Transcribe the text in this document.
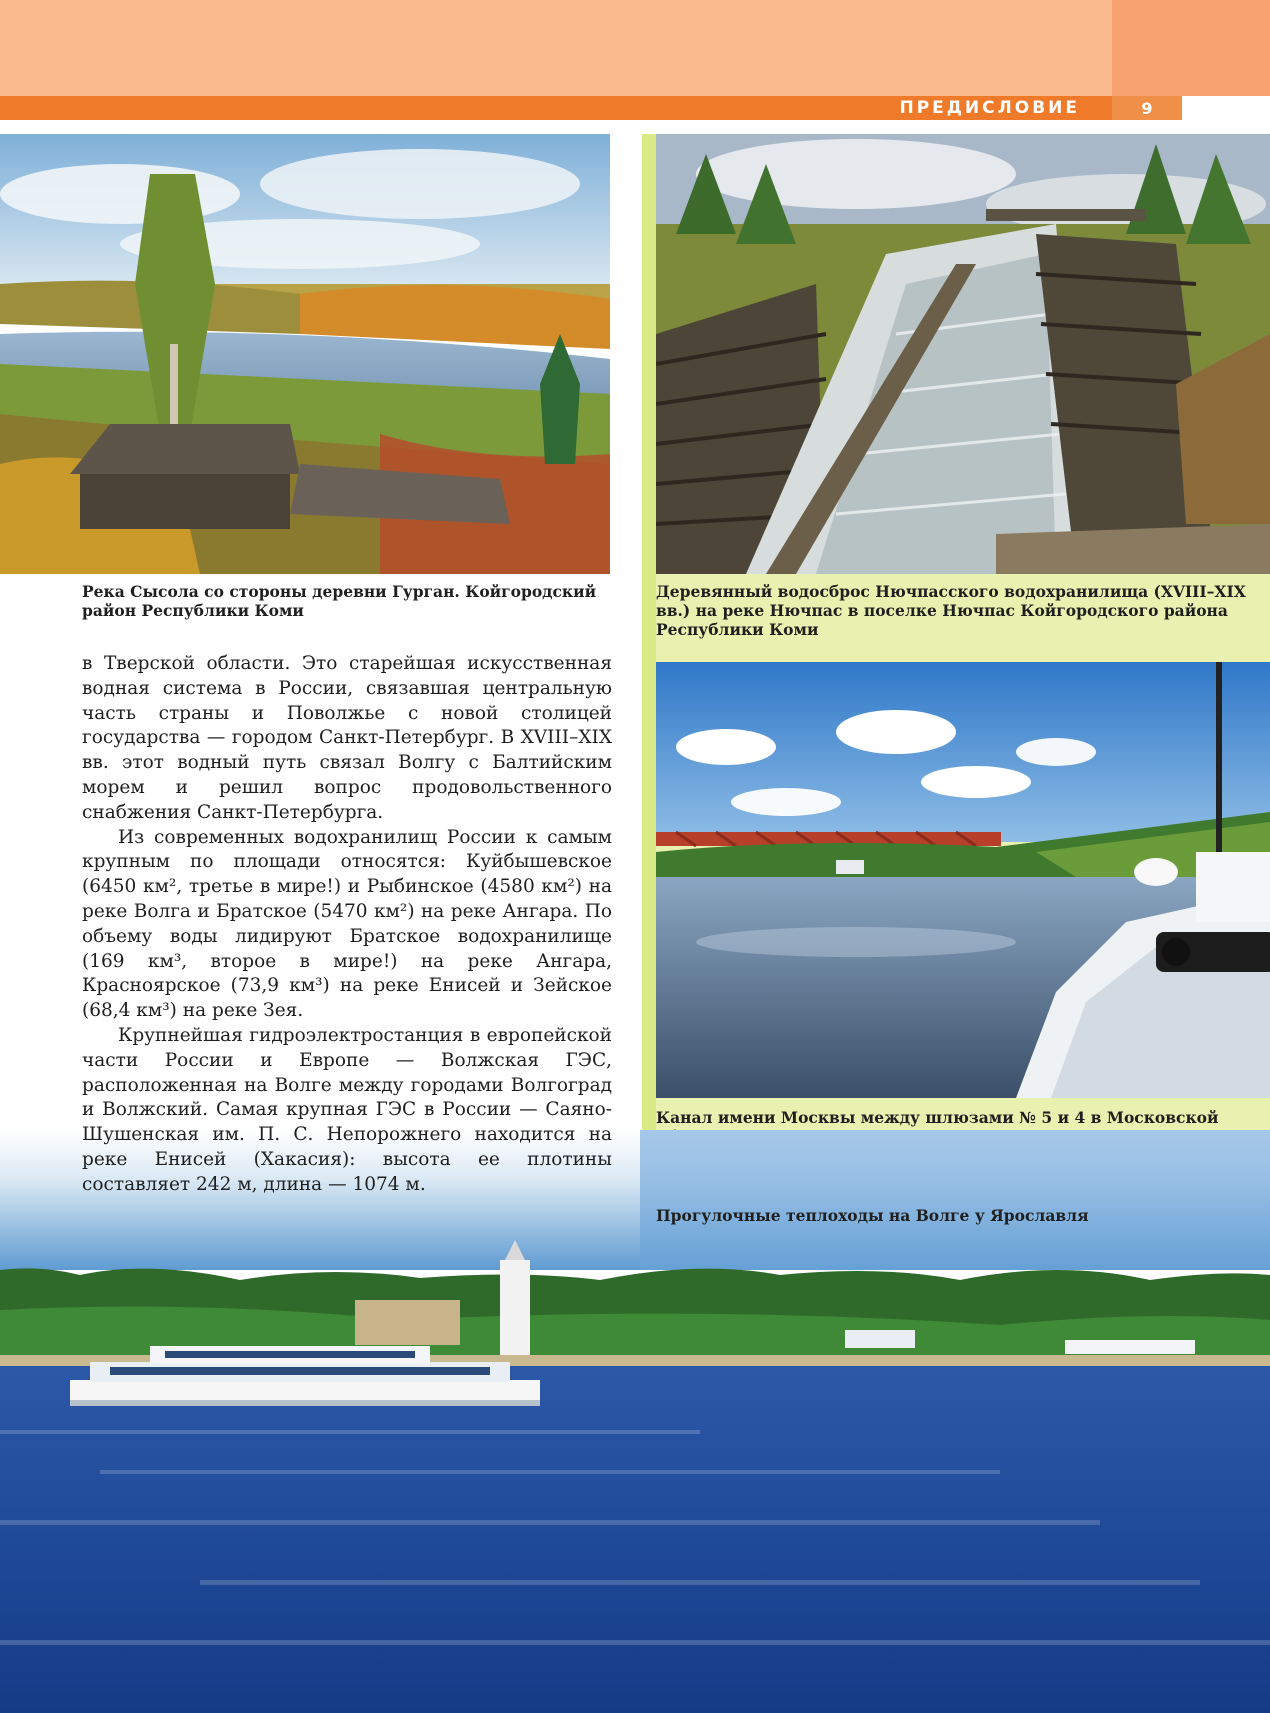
ПРЕДИСЛОВИЕ	9
Река Сысола со стороны деревни Гурган. Койгородский район Республики Коми
Деревянный водосброс Нючпасского водохранилища (XVIII–XIX вв.) на реке Нючпас в поселке Нючпас Койгородского района Республики Коми
Канал имени Москвы между шлюзами № 5 и 4 в Московской
Прогулочные теплоходы на Волге у Ярославля

в Тверской области. Это старейшая искусственная водная система в России, связавшая центральную часть страны и Поволжье с новой столицей государства — городом Санкт-Петербург. В XVIII–XIX вв. этот водный путь связал Волгу с Балтийским морем и решил вопрос продовольственного снабжения Санкт-Петербурга.

Из современных водохранилищ России к самым крупным по площади относятся: Куйбышевское (6450 км², третье в мире!) и Рыбинское (4580 км²) на реке Волга и Братское (5470 км²) на реке Ангара. По объему воды лидируют Братское водохранилище (169 км³, второе в мире!) на реке Ангара, Красноярское (73,9 км³) на реке Енисей и Зейское (68,4 км³) на реке Зея.

Крупнейшая гидроэлектростанция в европейской части России и Европе — Волжская ГЭС, расположенная на Волге между городами Волгоград и Волжский. Самая крупная ГЭС в России — Саяно-Шушенская им. П. С. Непорожнего находится на реке Енисей (Хакасия): высота ее плотины составляет 242 м, длина — 1074 м.
